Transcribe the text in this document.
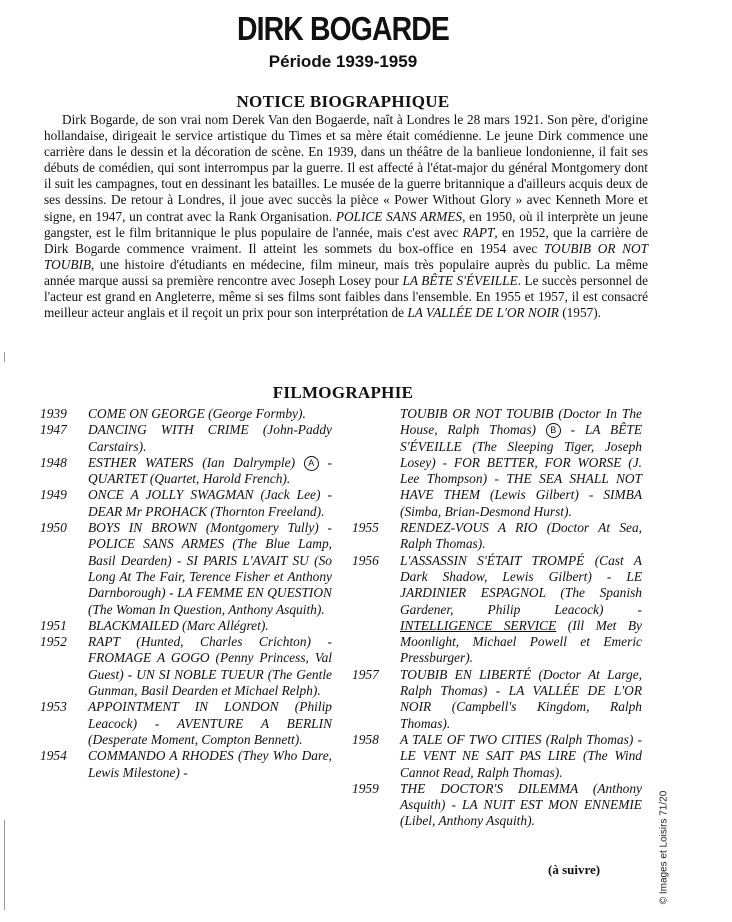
DIRK BOGARDE
Période 1939-1959
NOTICE BIOGRAPHIQUE

Dirk Bogarde, de son vrai nom Derek Van den Bogaerde, naît à Londres le 28 mars 1921. Son père, d'origine hollandaise, dirigeait le service artistique du Times et sa mère était comédienne. Le jeune Dirk commence une carrière dans le dessin et la décoration de scène. En 1939, dans un théâtre de la banlieue londonienne, il fait ses débuts de comédien, qui sont interrompus par la guerre. Il est affecté à l'état-major du général Montgomery dont il suit les campagnes, tout en dessinant les batailles. Le musée de la guerre britannique a d'ailleurs acquis deux de ses dessins. De retour à Londres, il joue avec succès la pièce « Power Without Glory » avec Kenneth More et signe, en 1947, un contrat avec la Rank Organisation. POLICE SANS ARMES, en 1950, où il interprète un jeune gangster, est le film britannique le plus populaire de l'année, mais c'est avec RAPT, en 1952, que la carrière de Dirk Bogarde commence vraiment. Il atteint les sommets du box-office en 1954 avec TOUBIB OR NOT TOUBIB, une histoire d'étudiants en médecine, film mineur, mais très populaire auprès du public. La même année marque aussi sa première rencontre avec Joseph Losey pour LA BÊTE S'ÉVEILLE. Le succès personnel de l'acteur est grand en Angleterre, même si ses films sont faibles dans l'ensemble. En 1955 et 1957, il est consacré meilleur acteur anglais et il reçoit un prix pour son interprétation de LA VALLÉE DE L'OR NOIR (1957).

FILMOGRAPHIE
1939	COME ON GEORGE (George Formby).
1947	DANCING WITH CRIME (John-Paddy Carstairs).
1948	ESTHER WATERS (Ian Dalrymple) A - QUARTET (Quartet, Harold French).
1949	ONCE A JOLLY SWAGMAN (Jack Lee) - DEAR Mr PROHACK (Thornton Freeland).
1950	BOYS IN BROWN (Montgomery Tully) - POLICE SANS ARMES (The Blue Lamp, Basil Dearden) - SI PARIS L'AVAIT SU (So Long At The Fair, Terence Fisher et Anthony Darnborough) - LA FEMME EN QUESTION (The Woman In Question, Anthony Asquith).
1951	BLACKMAILED (Marc Allégret).
1952	RAPT (Hunted, Charles Crichton) - FROMAGE A GOGO (Penny Princess, Val Guest) - UN SI NOBLE TUEUR (The Gentle Gunman, Basil Dearden et Michael Relph).
1953	APPOINTMENT IN LONDON (Philip Leacock) - AVENTURE A BERLIN (Desperate Moment, Compton Bennett).
1954	COMMANDO A RHODES (They Who Dare, Lewis Milestone) -
TOUBIB OR NOT TOUBIB (Doctor In The House, Ralph Thomas) B - LA BÊTE S'ÉVEILLE (The Sleeping Tiger, Joseph Losey) - FOR BETTER, FOR WORSE (J. Lee Thompson) - THE SEA SHALL NOT HAVE THEM (Lewis Gilbert) - SIMBA (Simba, Brian-Desmond Hurst).
1955	RENDEZ-VOUS A RIO (Doctor At Sea, Ralph Thomas).
1956	L'ASSASSIN S'ÉTAIT TROMPÉ (Cast A Dark Shadow, Lewis Gilbert) - LE JARDINIER ESPAGNOL (The Spanish Gardener, Philip Leacock) - INTELLIGENCE SERVICE (Ill Met By Moonlight, Michael Powell et Emeric Pressburger).
1957	TOUBIB EN LIBERTÉ (Doctor At Large, Ralph Thomas) - LA VALLÉE DE L'OR NOIR (Campbell's Kingdom, Ralph Thomas).
1958	A TALE OF TWO CITIES (Ralph Thomas) - LE VENT NE SAIT PAS LIRE (The Wind Cannot Read, Ralph Thomas).
1959	THE DOCTOR'S DILEMMA (Anthony Asquith) - LA NUIT EST MON ENNEMIE (Libel, Anthony Asquith).
(à suivre)	© Images et Loisirs 71/20
